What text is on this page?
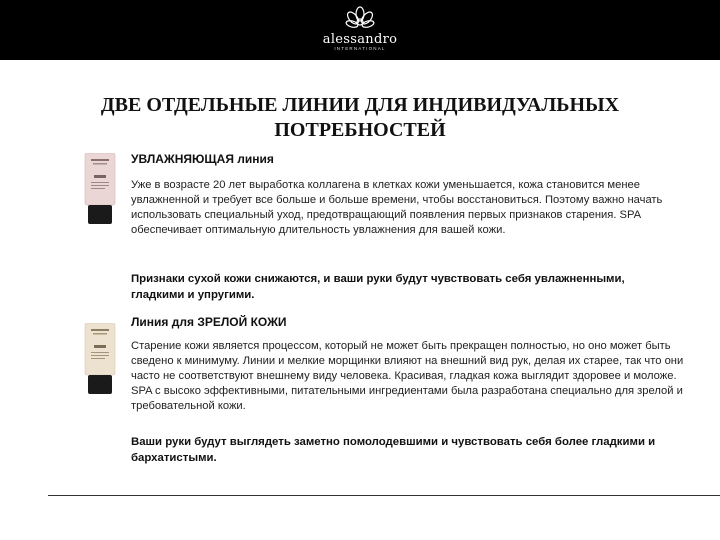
alessandro
INTERNATIONAL
ДВЕ ОТДЕЛЬНЫЕ ЛИНИИ ДЛЯ ИНДИВИДУАЛЬНЫХ ПОТРЕБНОСТЕЙ
УВЛАЖНЯЮЩАЯ линия

Уже в возрасте 20 лет выработка коллагена в клетках кожи уменьшается, кожа становится менее увлажненной и требует все больше и больше времени, чтобы восстановиться. Поэтому важно начать использовать специальный уход, предотвращающий появления первых признаков старения. SPA обеспечивает оптимальную длительность увлажнения для вашей кожи.

Признаки сухой кожи снижаются, и ваши руки будут чувствовать себя увлажненными, гладкими и упругими.

Линия для ЗРЕЛОЙ КОЖИ

Старение кожи является процессом, который не может быть прекращен полностью, но оно может быть сведено к минимуму. Линии и мелкие морщинки влияют на внешний вид рук, делая их старее, так что они часто не соответствуют внешнему виду человека. Красивая, гладкая кожа выглядит здоровее и моложе. SPA с высоко эффективными, питательными ингредиентами была разработана специально для зрелой и требовательной кожи.

Ваши руки будут выглядеть заметно помолодевшими и чувствовать себя более гладкими и бархатистыми.
